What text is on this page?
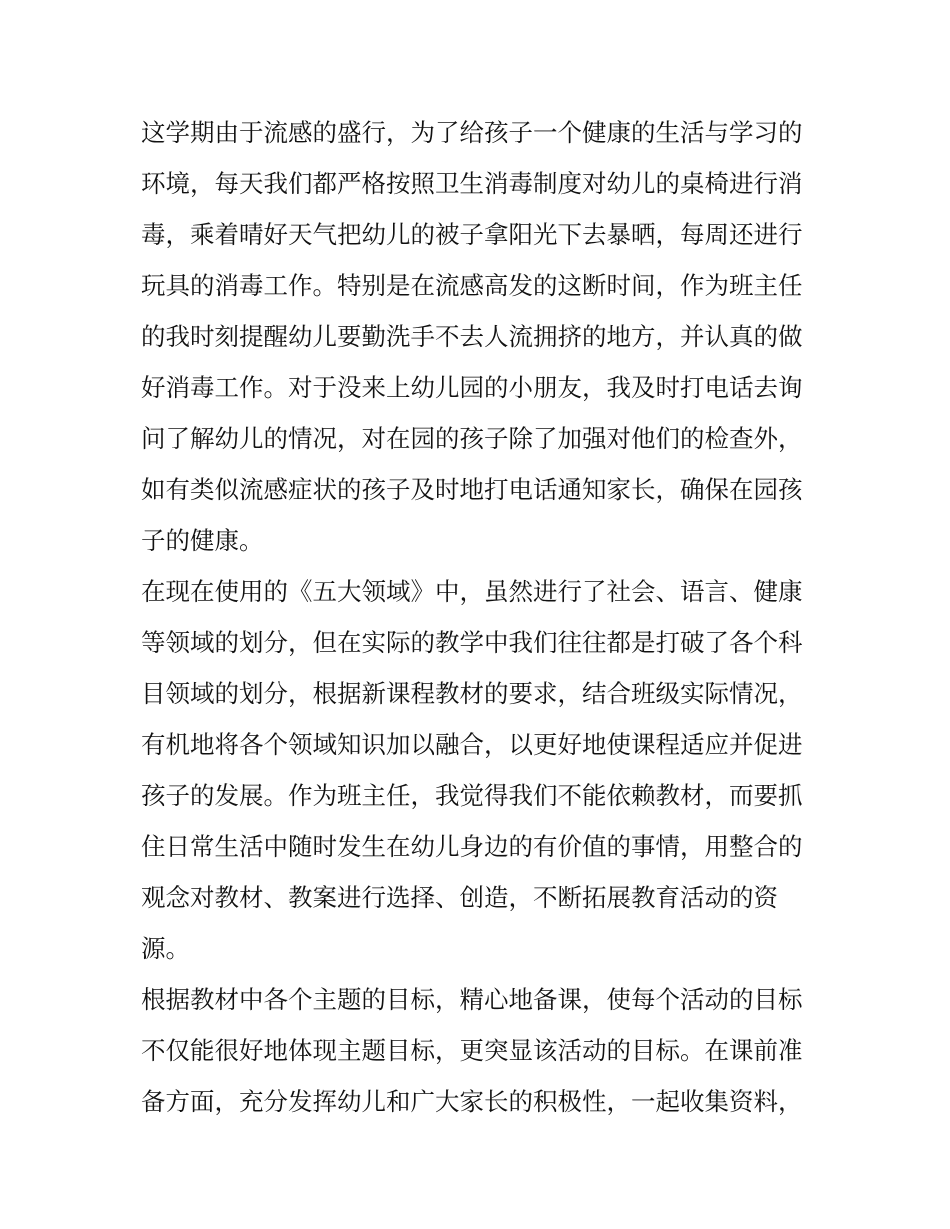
这学期由于流感的盛行，为了给孩子一个健康的生活与学习的
环境，每天我们都严格按照卫生消毒制度对幼儿的桌椅进行消
毒，乘着晴好天气把幼儿的被子拿阳光下去暴晒，每周还进行
玩具的消毒工作。特别是在流感高发的这断时间，作为班主任
的我时刻提醒幼儿要勤洗手不去人流拥挤的地方，并认真的做
好消毒工作。对于没来上幼儿园的小朋友，我及时打电话去询
问了解幼儿的情况，对在园的孩子除了加强对他们的检查外，
如有类似流感症状的孩子及时地打电话通知家长，确保在园孩
子的健康。
在现在使用的《五大领域》中，虽然进行了社会、语言、健康
等领域的划分，但在实际的教学中我们往往都是打破了各个科
目领域的划分，根据新课程教材的要求，结合班级实际情况，
有机地将各个领域知识加以融合，以更好地使课程适应并促进
孩子的发展。作为班主任，我觉得我们不能依赖教材，而要抓
住日常生活中随时发生在幼儿身边的有价值的事情，用整合的
观念对教材、教案进行选择、创造，不断拓展教育活动的资
源。
根据教材中各个主题的目标，精心地备课，使每个活动的目标
不仅能很好地体现主题目标，更突显该活动的目标。在课前准
备方面，充分发挥幼儿和广大家长的积极性，一起收集资料，
